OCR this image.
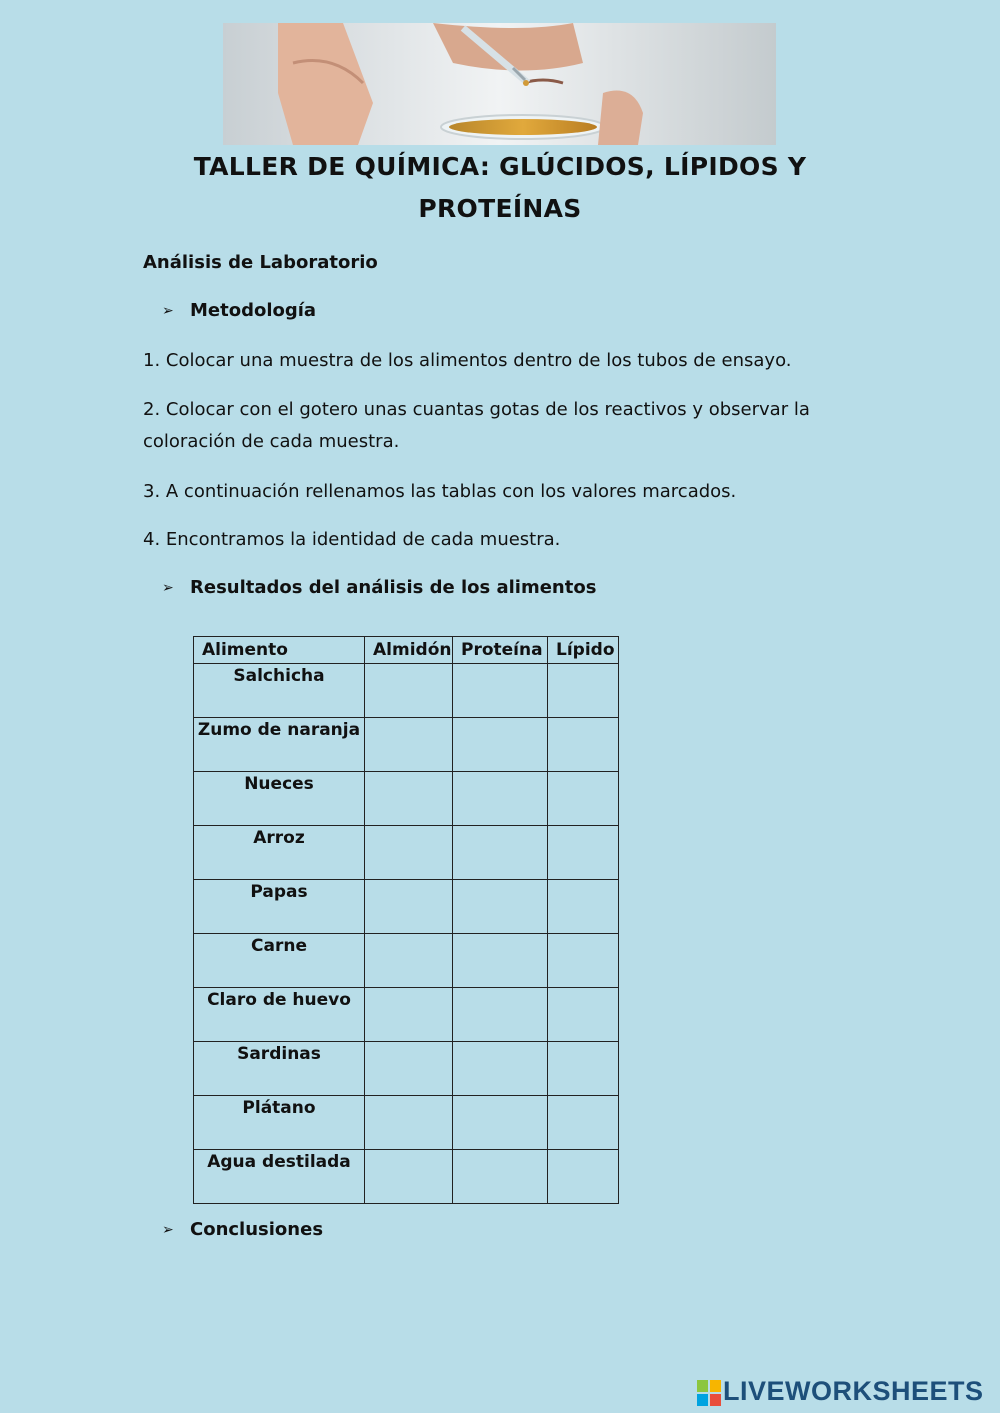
TALLER DE QUÍMICA: GLÚCIDOS, LÍPIDOS Y
PROTEÍNAS

Análisis de Laboratorio

➢ Metodología

1. Colocar una muestra de los alimentos dentro de los tubos de ensayo.

2. Colocar con el gotero unas cuantas gotas de los reactivos y observar la

coloración de cada muestra.

3. A continuación rellenamos las tablas con los valores marcados.

4. Encontramos la identidad de cada muestra.

➢ Resultados del análisis de los alimentos
Alimento	Almidón	Proteína	Lípido
Salchicha			
Zumo de naranja			
Nueces			
Arroz			
Papas			
Carne			
Claro de huevo			
Sardinas			
Plátano			
Agua destilada			
➢ Conclusiones
LIVEWORKSHEETS
